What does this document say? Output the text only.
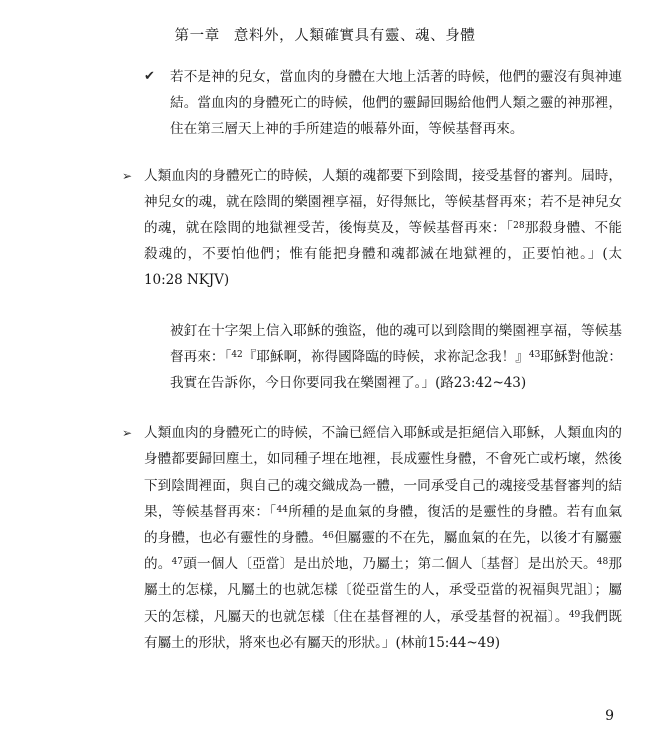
第一章 意料外，人類確實具有靈、魂、身體
✔ 若不是神的兒女，當血肉的身體在大地上活著的時候，他們的靈沒有與神連結。當血肉的身體死亡的時候，他們的靈歸回賜給他們人類之靈的神那裡，住在第三層天上神的手所建造的帳幕外面，等候基督再來。
➢ 人類血肉的身體死亡的時候，人類的魂都要下到陰間，接受基督的審判。屆時，神兒女的魂，就在陰間的樂園裡享福，好得無比，等候基督再來；若不是神兒女的魂，就在陰間的地獄裡受苦，後悔莫及，等候基督再來：「$^{28}$那殺身體、不能殺魂的，不要怕他們；惟有能把身體和魂都滅在地獄裡的，正要怕祂。」(太10:28 NKJV)
被釘在十字架上信入耶穌的強盜，他的魂可以到陰間的樂園裡享福，等候基督再來：「$^{42}$『耶穌啊，祢得國降臨的時候，求祢記念我！』$^{43}$耶穌對他說：我實在告訴你，今日你要同我在樂園裡了。」(路23:42~43)
➢ 人類血肉的身體死亡的時候，不論已經信入耶穌或是拒絕信入耶穌，人類血肉的身體都要歸回塵土，如同種子埋在地裡，長成靈性身體，不會死亡或朽壞，然後下到陰間裡面，與自己的魂交織成為一體，一同承受自己的魂接受基督審判的結果，等候基督再來：「$^{44}$所種的是血氣的身體，復活的是靈性的身體。若有血氣的身體，也必有靈性的身體。$^{46}$但屬靈的不在先，屬血氣的在先，以後才有屬靈的。$^{47}$頭一個人〔亞當〕是出於地，乃屬土；第二個人〔基督〕是出於天。$^{48}$那屬土的怎樣，凡屬土的也就怎樣〔從亞當生的人，承受亞當的祝福與咒詛〕；屬天的怎樣，凡屬天的也就怎樣〔住在基督裡的人，承受基督的祝福〕。$^{49}$我們既有屬土的形狀，將來也必有屬天的形狀。」(林前15:44~49)
9
